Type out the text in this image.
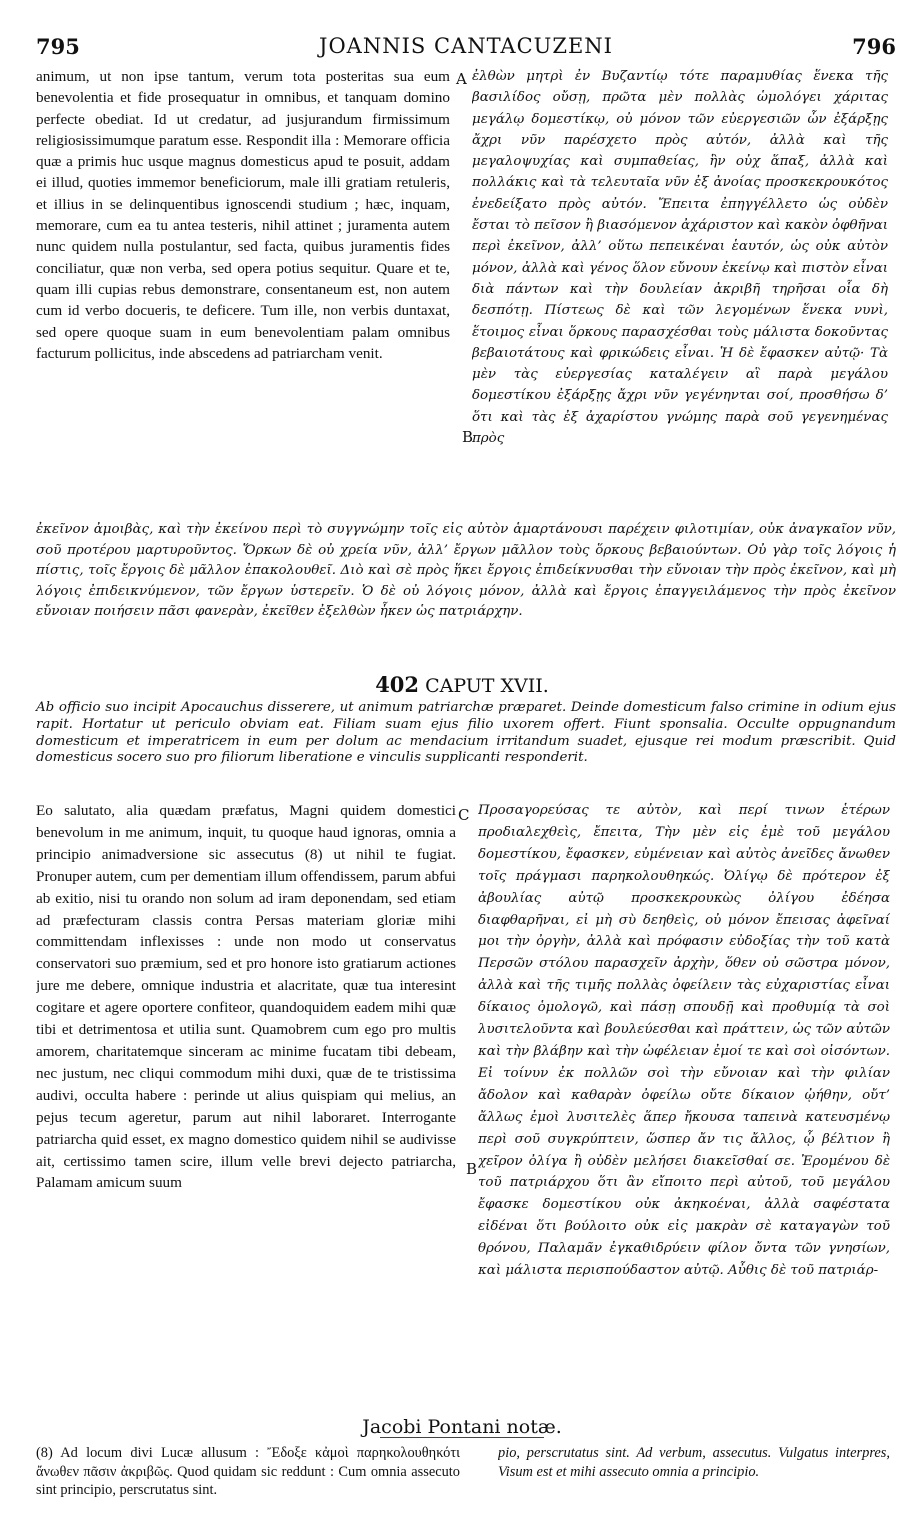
795	JOANNIS CANTACUZENI	796
animum, ut non ipse tantum, verum tota posteritas sua eum benevolentia et fide prosequatur in omnibus, et tanquam domino perfecte obediat. Id ut credatur, ad jusjurandum firmissimum religiosissimumque paratum esse. Respondit illa : Memorare officia quæ a primis huc usque magnus domesticus apud te posuit, addam ei illud, quoties immemor beneficiorum, male illi gratiam retuleris, et illius in se delinquentibus ignoscendi studium ; hæc, inquam, memorare, cum ea tu antea testeris, nihil attinet ; juramenta autem nunc quidem nulla postulantur, sed facta, quibus juramentis fides conciliatur, quæ non verba, sed opera potius sequitur. Quare et te, quam illi cupias rebus demonstrare, consentaneum est, non autem cum id verbo docueris, te deficere. Tum ille, non verbis duntaxat, sed opere quoque suam in eum benevolentiam palam omnibus facturum pollicitus, inde abscedens ad patriarcham venit.
A ἐλθὼν μητρὶ ἐν Βυζαντίῳ τότε παραμυθίας ἕνεκα τῆς βασιλίδος οὔσῃ, πρῶτα μὲν πολλὰς ὡμολόγει χάριτας μεγάλῳ δομεστίκῳ, οὐ μόνον τῶν εὐεργεσιῶν ὧν ἐξάρξῃς ἄχρι νῦν παρέσχετο πρὸς αὐτόν, ἀλλὰ καὶ τῆς μεγαλοψυχίας καὶ συμπαθείας, ἣν οὐχ ἅπαξ, ἀλλὰ καὶ πολλάκις καὶ τὰ τελευταῖα νῦν ἐξ ἀνοίας προσκεκρουκότος ἐνεδείξατο πρὸς αὐτόν. Ἔπειτα ἐπηγγέλλετο ὡς οὐδὲν ἔσται τὸ πεῖσον ἢ βιασόμενον ἀχάριστον καὶ κακὸν ὀφθῆναι περὶ ἐκεῖνον, ἀλλ’ οὕτω πεπεικέναι ἑαυτόν, ὡς οὐκ αὐτὸν μόνον, ἀλλὰ καὶ γένος ὅλον εὔνουν ἐκείνῳ καὶ πιστὸν εἶναι διὰ πάντων καὶ τὴν δουλείαν ἀκριβῆ τηρῆσαι οἷα δὴ δεσπότῃ. Πίστεως δὲ καὶ τῶν λεγομένων ἕνεκα νυνὶ, ἕτοιμος εἶναι ὅρκους παρασχέσθαι τοὺς μάλιστα δοκοῦντας βεβαιοτάτους καὶ φρικώδεις εἶναι. Ἡ δὲ ἔφασκεν αὐτῷ· Τὰ μὲν τὰς εὐεργεσίας καταλέγειν αἳ παρὰ μεγάλου δομεστίκου ἐξάρξῃς ἄχρι νῦν γεγένηνται σοί, προσθήσω δ’ ὅτι καὶ τὰς ἐξ ἀχαρίστου γνώμης παρὰ σοῦ γεγενημένας πρὸς
B
ἐκεῖνον ἀμοιβὰς, καὶ τὴν ἐκείνου περὶ τὸ συγγνώμην τοῖς εἰς αὐτὸν ἁμαρτάνουσι παρέχειν φιλοτιμίαν, οὐκ ἀναγκαῖον νῦν, σοῦ προτέρου μαρτυροῦντος. Ὅρκων δὲ οὐ χρεία νῦν, ἀλλ’ ἔργων μᾶλλον τοὺς ὅρκους βεβαιούντων. Οὐ γὰρ τοῖς λόγοις ἡ πίστις, τοῖς ἔργοις δὲ μᾶλλον ἐπακολουθεῖ. Διὸ καὶ σὲ πρὸς ἥκει ἔργοις ἐπιδείκνυσθαι τὴν εὔνοιαν τὴν πρὸς ἐκεῖνον, καὶ μὴ λόγοις ἐπιδεικνύμενον, τῶν ἔργων ὑστερεῖν. Ὁ δὲ οὐ λόγοις μόνον, ἀλλὰ καὶ ἔργοις ἐπαγγειλάμενος τὴν πρὸς ἐκεῖνον εὔνοιαν ποιήσειν πᾶσι φανερὰν, ἐκεῖθεν ἐξελθὼν ἧκεν ὡς πατριάρχην.
402 CAPUT XVII.
Ab officio suo incipit Apocauchus disserere, ut animum patriarchæ præparet. Deinde domesticum falso crimine in odium ejus rapit. Hortatur ut periculo obviam eat. Filiam suam ejus filio uxorem offert. Fiunt sponsalia. Occulte oppugnandum domesticum et imperatricem in eum per dolum ac mendacium irritandum suadet, ejusque rei modum præscribit. Quid domesticus socero suo pro filiorum liberatione e vinculis supplicanti responderit.
Eo salutato, alia quædam præfatus, Magni quidem domestici benevolum in me animum, inquit, tu quoque haud ignoras, omnia a principio animadversione sic assecutus (8) ut nihil te fugiat. Pronuper autem, cum per dementiam illum offendissem, parum abfui ab exitio, nisi tu orando non solum ad iram deponendam, sed etiam ad præfecturam classis contra Persas materiam gloriæ mihi committendam inflexisses : unde non modo ut conservatus conservatori suo præmium, sed et pro honore isto gratiarum actiones jure me debere, omnique industria et alacritate, quæ tua interesint cogitare et agere oportere confiteor, quandoquidem eadem mihi quæ tibi et detrimentosa et utilia sunt. Quamobrem cum ego pro multis amorem, charitatemque sinceram ac minime fucatam tibi debeam, nec justum, nec cliqui commodum mihi duxi, quæ de te tristissima audivi, occulta habere : perinde ut alius quispiam qui melius, an pejus tecum ageretur, parum aut nihil laboraret. Interrogante patriarcha quid esset, ex magno domestico quidem nihil se audivisse ait, certissimo tamen scire, illum velle brevi dejecto patriarcha, Palamam amicum suum
C Προσαγορεύσας τε αὐτὸν, καὶ περί τινων ἑτέρων προδιαλεχθεὶς, ἔπειτα, Τὴν μὲν εἰς ἐμὲ τοῦ μεγάλου δομεστίκου, ἔφασκεν, εὐμένειαν καὶ αὐτὸς ἀνεῖδες ἄνωθεν τοῖς πράγμασι παρηκολουθηκώς. Ὀλίγῳ δὲ πρότερον ἐξ ἀβουλίας αὐτῷ προσκεκρουκὼς ὀλίγου ἐδέησα διαφθαρῆναι, εἰ μὴ σὺ δεηθεὶς, οὐ μόνον ἔπεισας ἀφεῖναί μοι τὴν ὀργὴν, ἀλλὰ καὶ πρόφασιν εὐδοξίας τὴν τοῦ κατὰ Περσῶν στόλου παρασχεῖν ἀρχὴν, ὅθεν οὐ σῶστρα μόνον, ἀλλὰ καὶ τῆς τιμῆς πολλὰς ὀφείλειν τὰς εὐχαριστίας εἶναι δίκαιος ὁμολογῶ, καὶ πάσῃ σπουδῇ καὶ προθυμίᾳ τὰ σοὶ λυσιτελοῦντα καὶ βουλεύεσθαι καὶ πράττειν, ὡς τῶν αὐτῶν καὶ τὴν βλάβην καὶ τὴν ὠφέλειαν ἐμοί τε καὶ σοὶ οἰσόντων. Εἰ τοίνυν ἐκ πολλῶν σοὶ τὴν εὔνοιαν καὶ τὴν φιλίαν ἄδολον καὶ καθαρὰν ὀφείλω οὔτε δίκαιον ᾠήθην, οὔτ’ ἄλλως ἐμοὶ λυσιτελὲς ἅπερ ἤκουσα ταπεινὰ κατευσμένῳ περὶ σοῦ συγκρύπτειν, ὥσπερ ἄν τις ἄλλος, ᾧ βέλτιον ἢ χεῖρον ὀλίγα ἢ οὐδὲν μελήσει διακεῖσθαί σε. Ἐρομένου δὲ τοῦ πατριάρχου ὅτι ἂν εἴποιτο περὶ αὐτοῦ, τοῦ μεγάλου ἔφασκε δομεστίκου οὐκ ἀκηκοέναι, ἀλλὰ σαφέστατα εἰδέναι ὅτι βούλοιτο οὐκ εἰς μακρὰν σὲ καταγαγὼν τοῦ θρόνου, Παλαμᾶν ἐγκαθιδρύειν φίλον ὄντα τῶν γνησίων, καὶ μάλιστα περισπούδαστον αὐτῷ. Αὖθις δὲ τοῦ πατριάρ-
B
Jacobi Pontani notæ.
(8) Ad locum divi Lucæ allusum : Ἔδοξε κἀμοὶ παρηκολουθηκότι ἄνωθεν πᾶσιν ἀκριβῶς. Quod quidam sic reddunt : Cum omnia assecuto sint principio, perscrutatus sint.
pio, perscrutatus sint. Ad verbum, assecutus. Vulgatus interpres, Visum est et mihi assecuto omnia a principio.
